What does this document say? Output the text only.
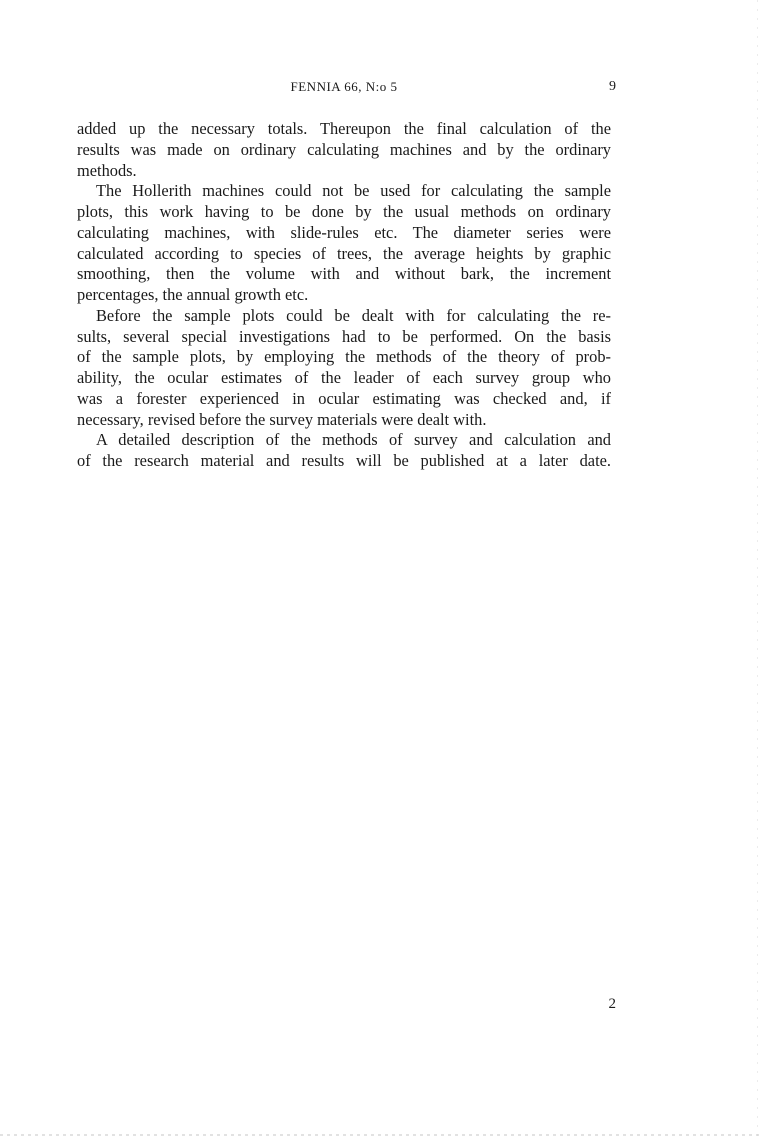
FENNIA 66, N:o 5	9

added up the necessary totals. Thereupon the final calculation of the
results was made on ordinary calculating machines and by the ordinary
methods.

The Hollerith machines could not be used for calculating the sample
plots, this work having to be done by the usual methods on ordinary
calculating machines, with slide-rules etc. The diameter series were
calculated according to species of trees, the average heights by graphic
smoothing, then the volume with and without bark, the increment
percentages, the annual growth etc.

Before the sample plots could be dealt with for calculating the re-
sults, several special investigations had to be performed. On the basis
of the sample plots, by employing the methods of the theory of prob-
ability, the ocular estimates of the leader of each survey group who
was a forester experienced in ocular estimating was checked and, if
necessary, revised before the survey materials were dealt with.

A detailed description of the methods of survey and calculation and
of the research material and results will be published at a later date.

2
